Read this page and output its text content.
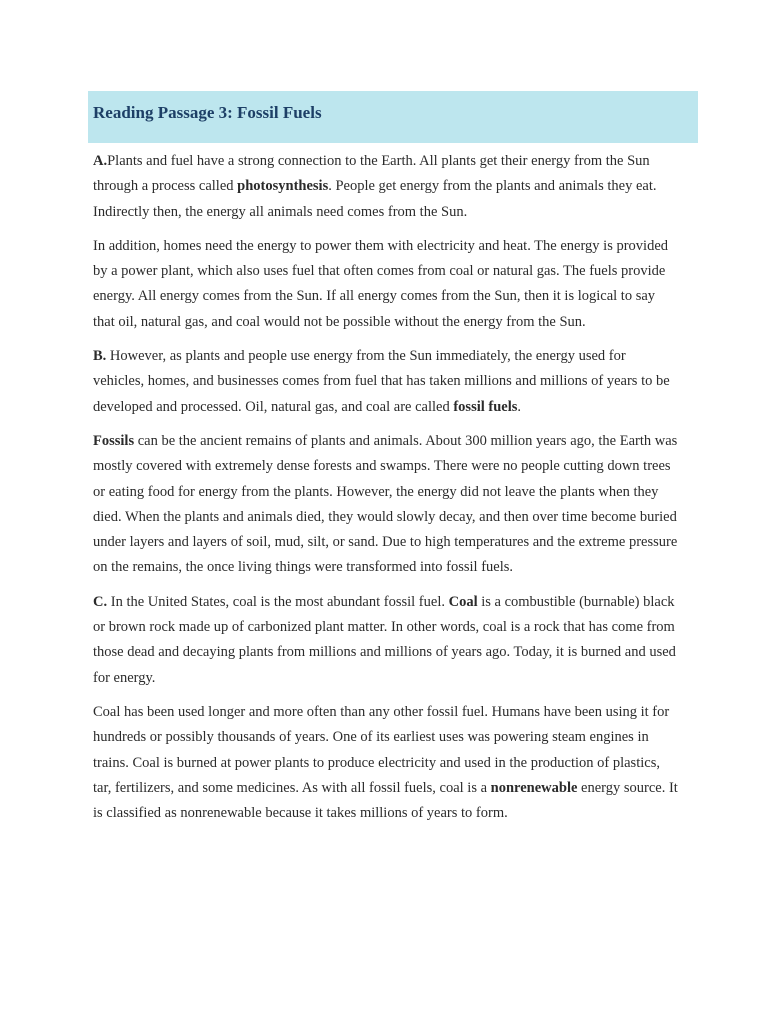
Reading Passage 3: Fossil Fuels

A.Plants and fuel have a strong connection to the Earth. All plants get their energy from the Sun through a process called photosynthesis. People get energy from the plants and animals they eat. Indirectly then, the energy all animals need comes from the Sun.

In addition, homes need the energy to power them with electricity and heat. The energy is provided by a power plant, which also uses fuel that often comes from coal or natural gas. The fuels provide energy. All energy comes from the Sun. If all energy comes from the Sun, then it is logical to say that oil, natural gas, and coal would not be possible without the energy from the Sun.

B. However, as plants and people use energy from the Sun immediately, the energy used for vehicles, homes, and businesses comes from fuel that has taken millions and millions of years to be developed and processed. Oil, natural gas, and coal are called fossil fuels.

Fossils can be the ancient remains of plants and animals. About 300 million years ago, the Earth was mostly covered with extremely dense forests and swamps. There were no people cutting down trees or eating food for energy from the plants. However, the energy did not leave the plants when they died. When the plants and animals died, they would slowly decay, and then over time become buried under layers and layers of soil, mud, silt, or sand. Due to high temperatures and the extreme pressure on the remains, the once living things were transformed into fossil fuels.

C. In the United States, coal is the most abundant fossil fuel. Coal is a combustible (burnable) black or brown rock made up of carbonized plant matter. In other words, coal is a rock that has come from those dead and decaying plants from millions and millions of years ago. Today, it is burned and used for energy.

Coal has been used longer and more often than any other fossil fuel. Humans have been using it for hundreds or possibly thousands of years. One of its earliest uses was powering steam engines in trains. Coal is burned at power plants to produce electricity and used in the production of plastics, tar, fertilizers, and some medicines. As with all fossil fuels, coal is a nonrenewable energy source. It is classified as nonrenewable because it takes millions of years to form.
